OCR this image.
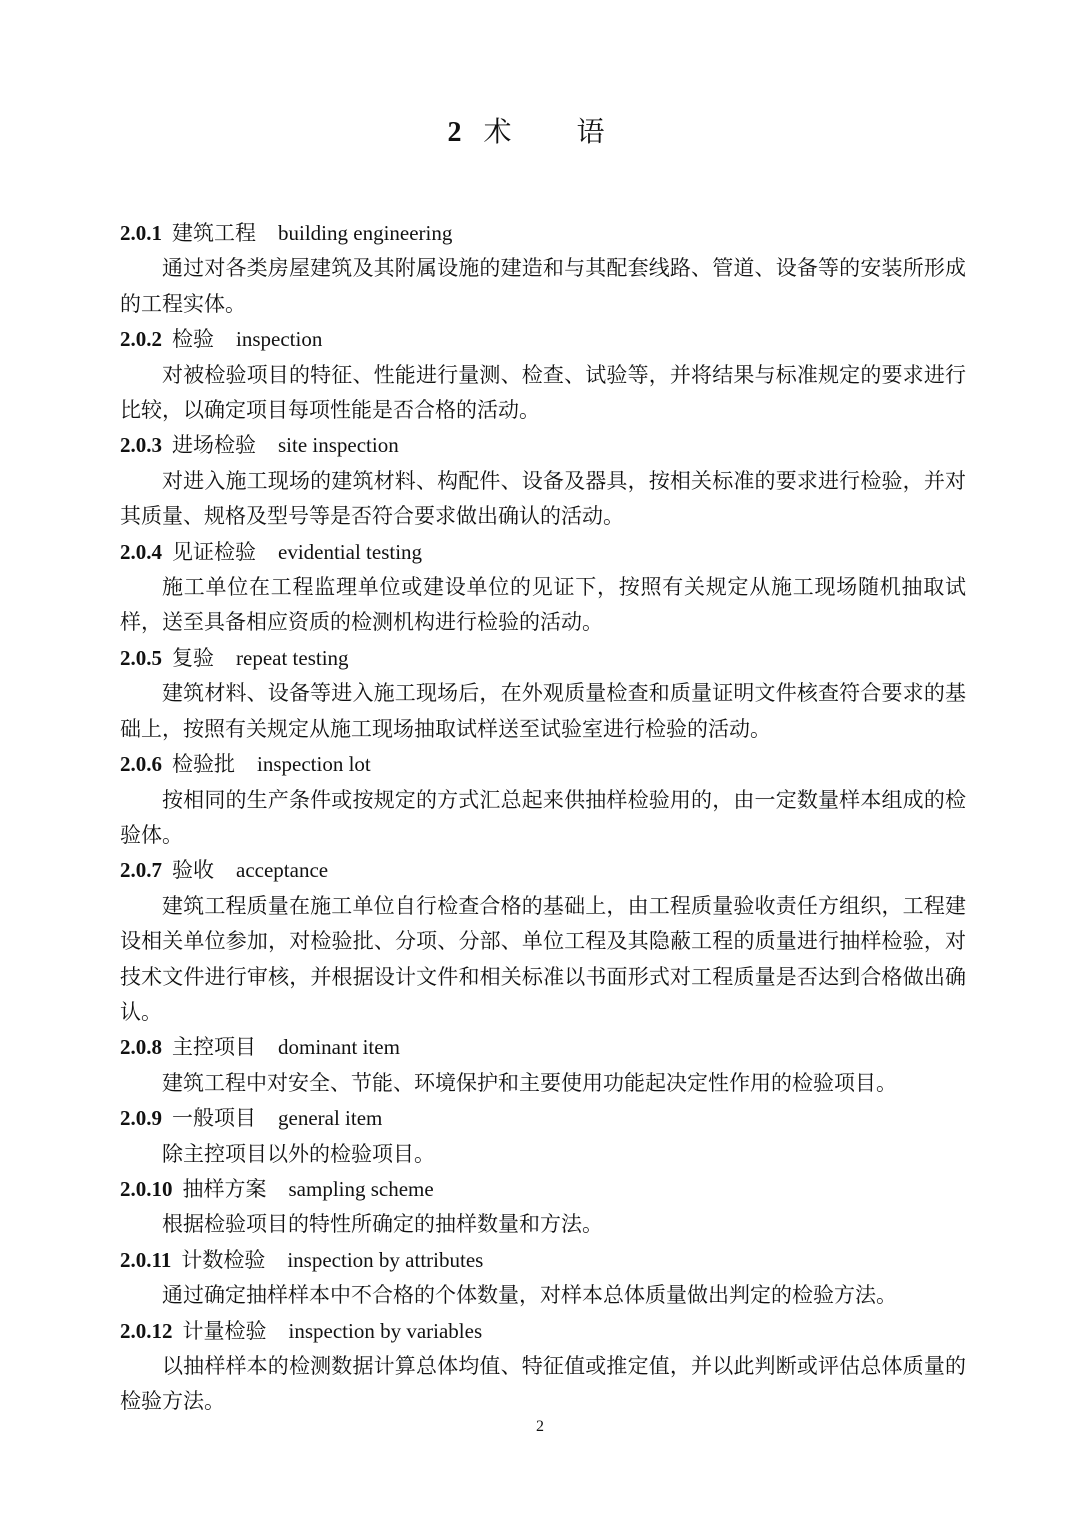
2 术 语
2.0.1 建筑工程 building engineering

通过对各类房屋建筑及其附属设施的建造和与其配套线路、管道、设备等的安装所形成的工程实体。

2.0.2 检验 inspection

对被检验项目的特征、性能进行量测、检查、试验等，并将结果与标准规定的要求进行比较，以确定项目每项性能是否合格的活动。

2.0.3 进场检验 site inspection

对进入施工现场的建筑材料、构配件、设备及器具，按相关标准的要求进行检验，并对其质量、规格及型号等是否符合要求做出确认的活动。

2.0.4 见证检验 evidential testing

施工单位在工程监理单位或建设单位的见证下，按照有关规定从施工现场随机抽取试样，送至具备相应资质的检测机构进行检验的活动。

2.0.5 复验 repeat testing

建筑材料、设备等进入施工现场后，在外观质量检查和质量证明文件核查符合要求的基础上，按照有关规定从施工现场抽取试样送至试验室进行检验的活动。

2.0.6 检验批 inspection lot

按相同的生产条件或按规定的方式汇总起来供抽样检验用的，由一定数量样本组成的检验体。

2.0.7 验收 acceptance

建筑工程质量在施工单位自行检查合格的基础上，由工程质量验收责任方组织，工程建设相关单位参加，对检验批、分项、分部、单位工程及其隐蔽工程的质量进行抽样检验，对技术文件进行审核，并根据设计文件和相关标准以书面形式对工程质量是否达到合格做出确认。

2.0.8 主控项目 dominant item

建筑工程中对安全、节能、环境保护和主要使用功能起决定性作用的检验项目。

2.0.9 一般项目 general item

除主控项目以外的检验项目。

2.0.10 抽样方案 sampling scheme

根据检验项目的特性所确定的抽样数量和方法。

2.0.11 计数检验 inspection by attributes

通过确定抽样样本中不合格的个体数量，对样本总体质量做出判定的检验方法。

2.0.12 计量检验 inspection by variables

以抽样样本的检测数据计算总体均值、特征值或推定值，并以此判断或评估总体质量的检验方法。

2
